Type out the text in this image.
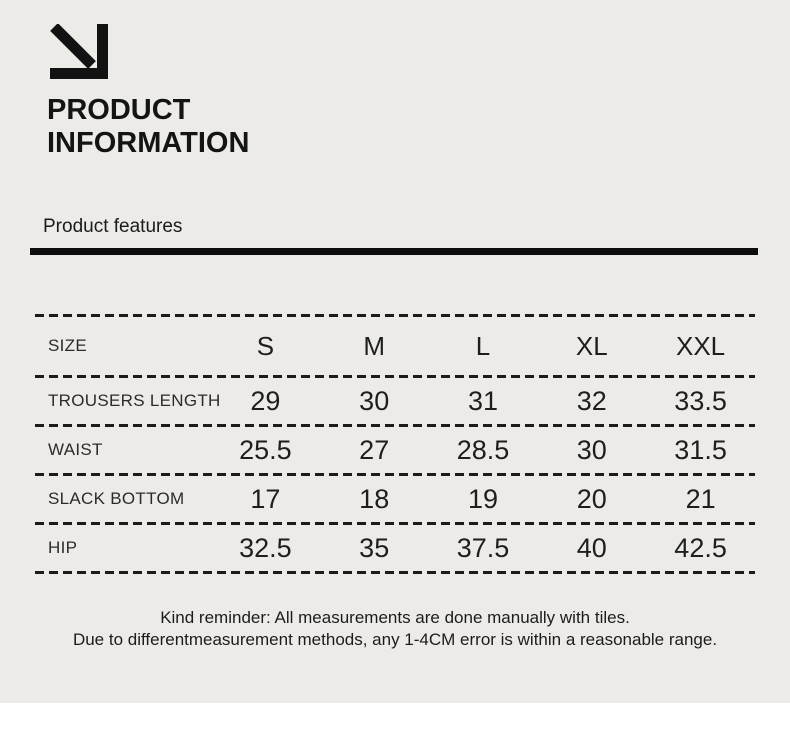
PRODUCT
INFORMATION
Product features
SIZE	S	M	L	XL	XXL
TROUSERS LENGTH	29	30	31	32	33.5
WAIST	25.5	27	28.5	30	31.5
SLACK BOTTOM	17	18	19	20	21
HIP	32.5	35	37.5	40	42.5
Kind reminder: All measurements are done manually with tiles.
Due to differentmeasurement methods, any 1-4CM error is within a reasonable range.
